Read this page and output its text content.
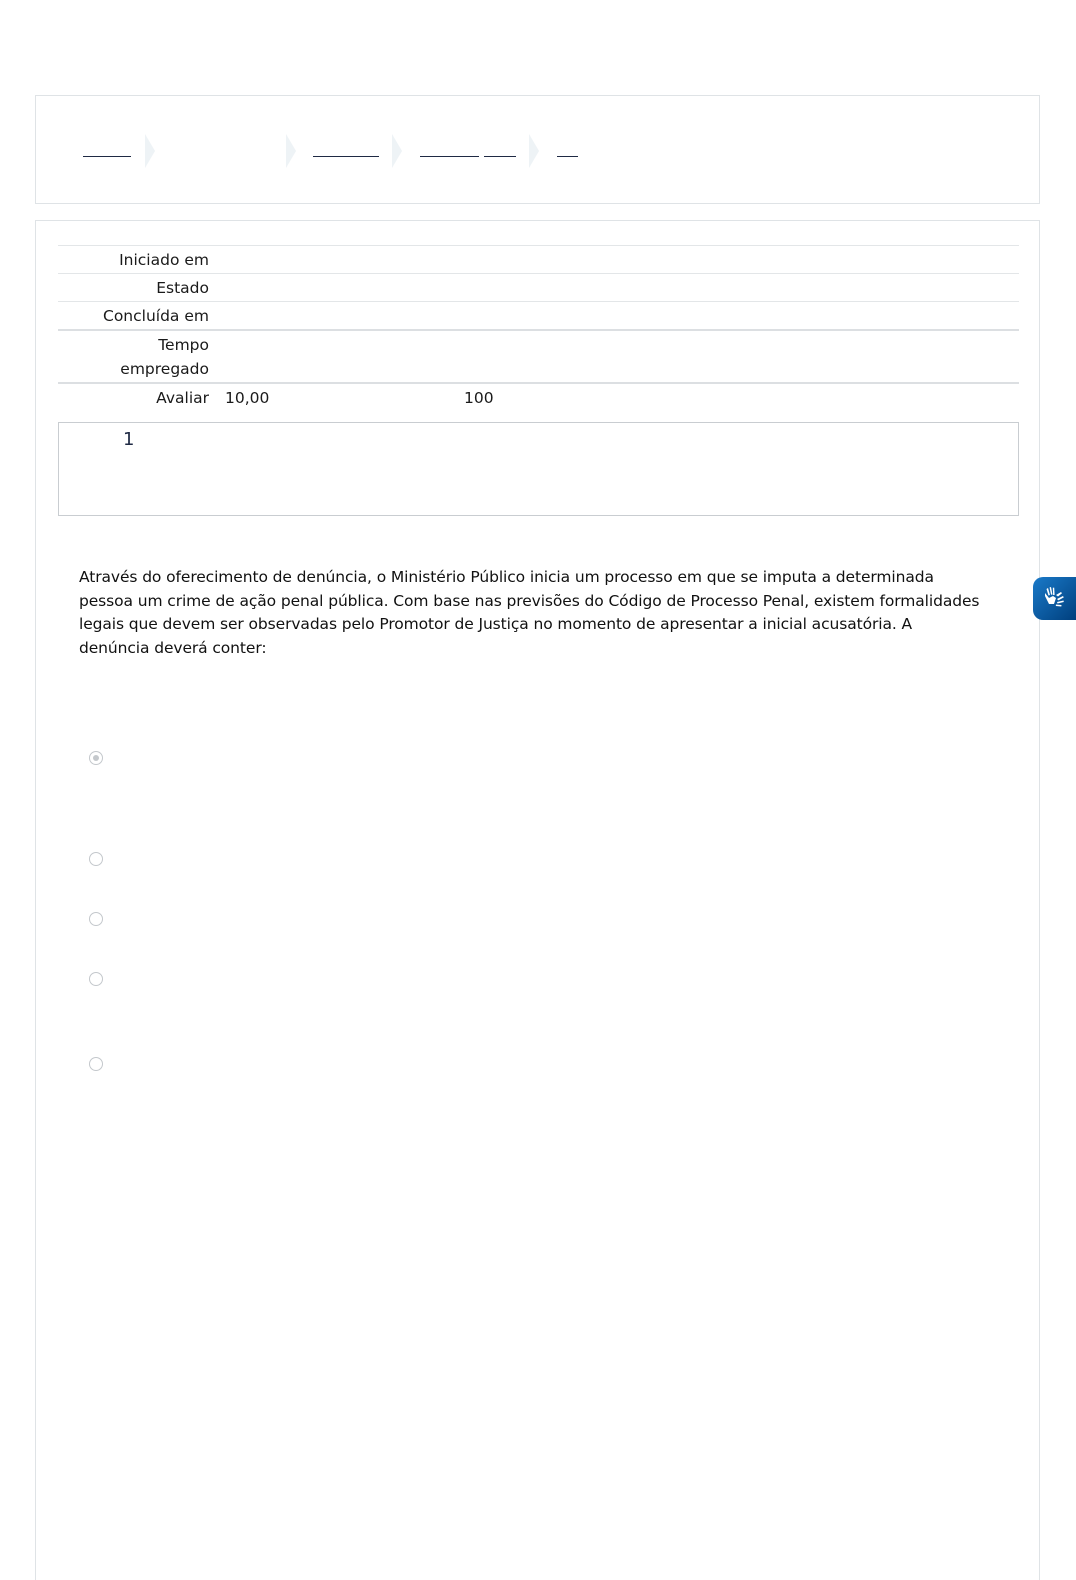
Iniciado em
Estado
Concluída em
Tempo
empregado
Avaliar	10,00	100
1
Através do oferecimento de denúncia, o Ministério Público inicia um processo em que se imputa a determinada pessoa um crime de ação penal pública. Com base nas previsões do Código de Processo Penal, existem formalidades legais que devem ser observadas pelo Promotor de Justiça no momento de apresentar a inicial acusatória. A denúncia deverá conter:
